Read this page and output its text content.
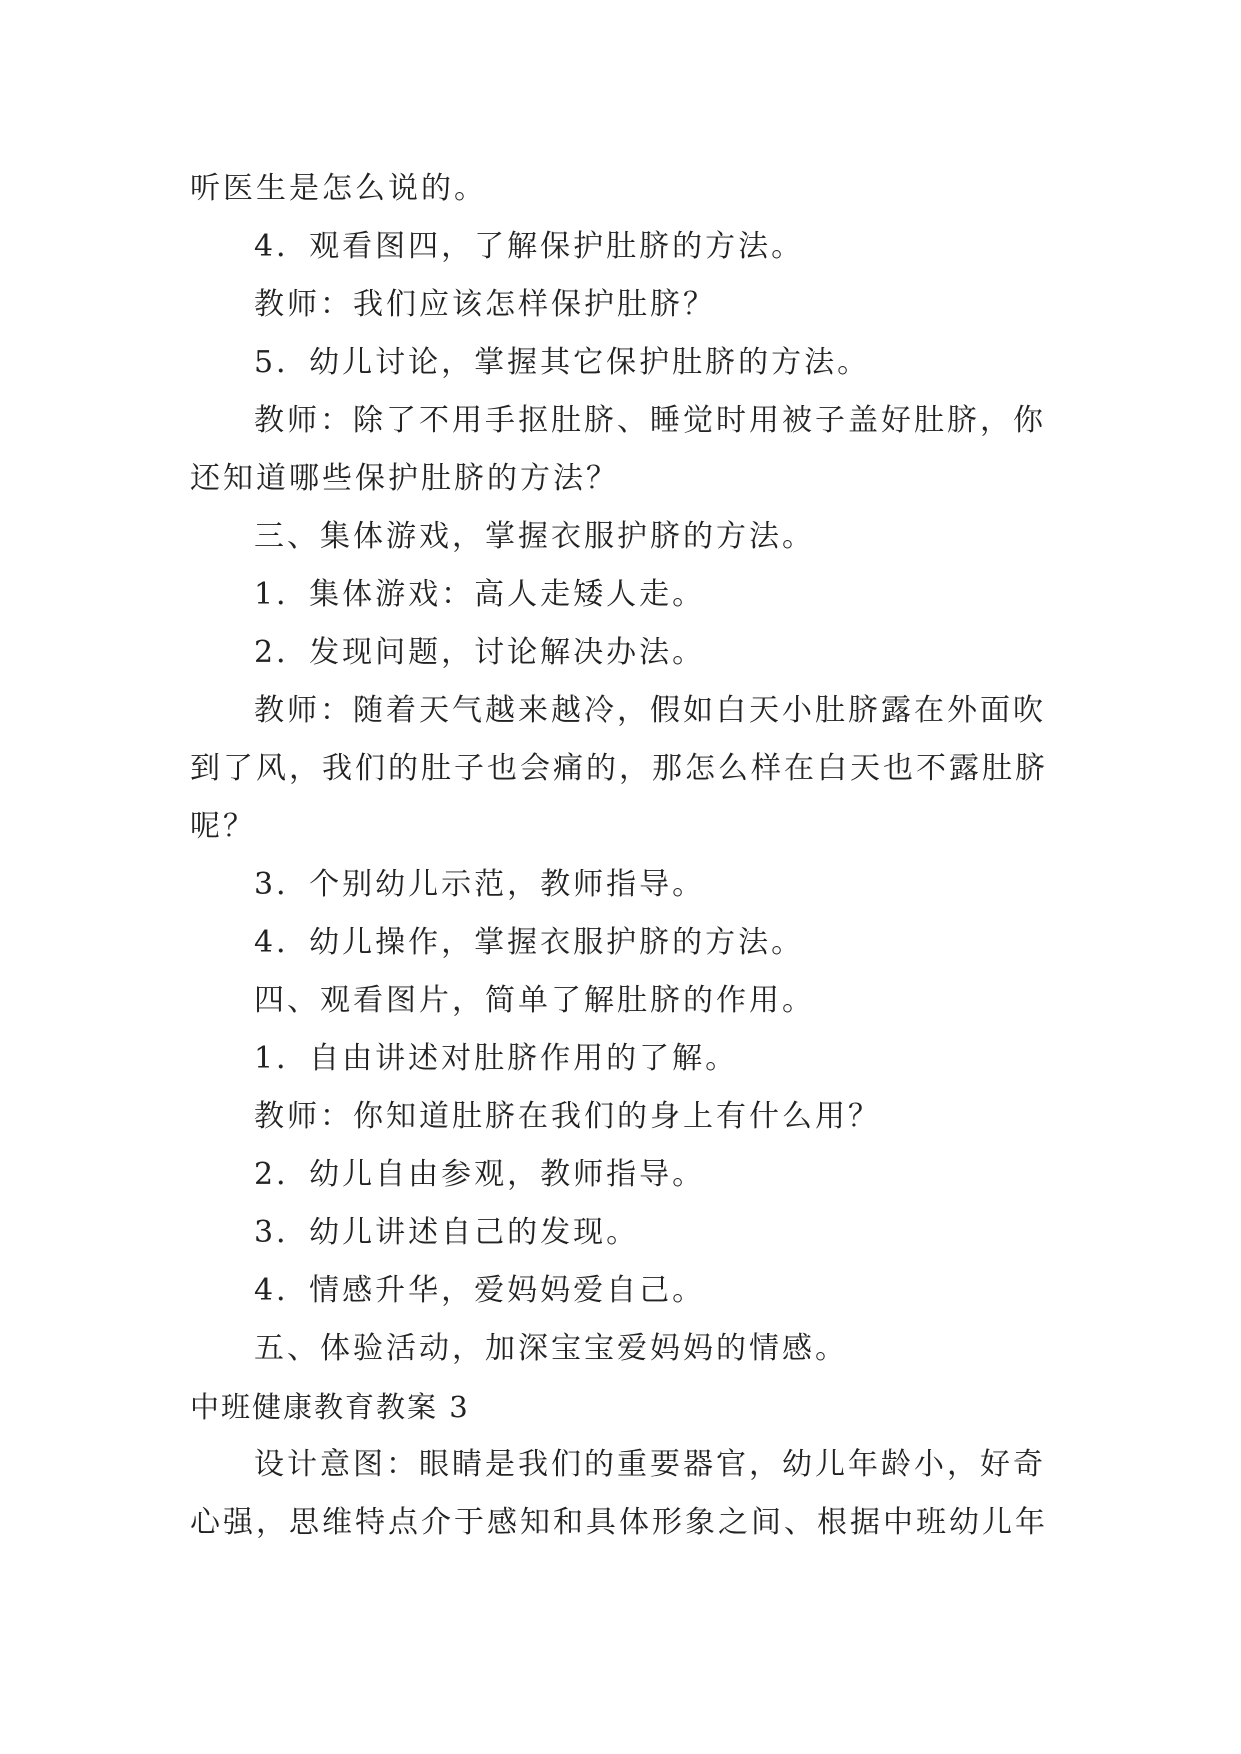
听医生是怎么说的。

4．观看图四，了解保护肚脐的方法。

教师：我们应该怎样保护肚脐？

5．幼儿讨论，掌握其它保护肚脐的方法。

教师：除了不用手抠肚脐、睡觉时用被子盖好肚脐，你还知道哪些保护肚脐的方法？

三、集体游戏，掌握衣服护脐的方法。

1．集体游戏：高人走矮人走。

2．发现问题，讨论解决办法。

教师：随着天气越来越冷，假如白天小肚脐露在外面吹到了风，我们的肚子也会痛的，那怎么样在白天也不露肚脐呢？

3．个别幼儿示范，教师指导。

4．幼儿操作，掌握衣服护脐的方法。

四、观看图片，简单了解肚脐的作用。

1．自由讲述对肚脐作用的了解。

教师：你知道肚脐在我们的身上有什么用？

2．幼儿自由参观，教师指导。

3．幼儿讲述自己的发现。

4．情感升华，爱妈妈爱自己。

五、体验活动，加深宝宝爱妈妈的情感。

中班健康教育教案 3

设计意图：眼睛是我们的重要器官，幼儿年龄小，好奇心强，思维特点介于感知和具体形象之间、根据中班幼儿年
